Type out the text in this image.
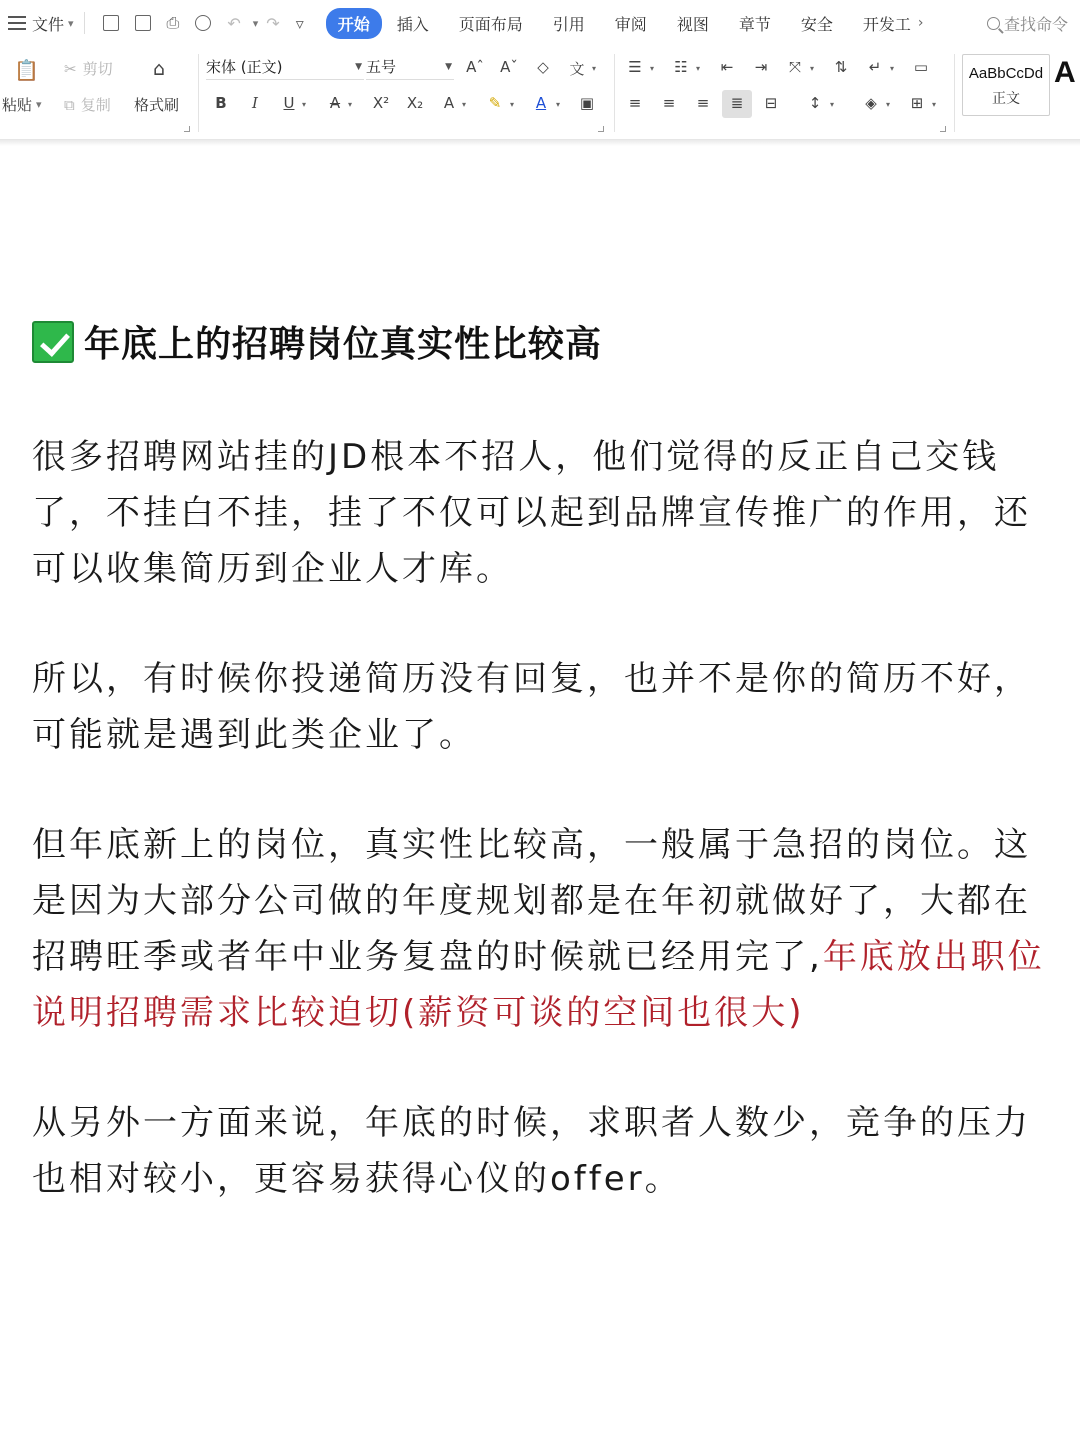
文件 ▾	⎙	↶ ▾ ↷ ▿	开始	插入	页面布局	引用	审阅	视图	章节	安全	开发工 ›	查找命令
📋
粘贴 ▾
✂ 剪切
⧉ 复制
⌂
格式刷
宋体 (正文)	▼ 五号	▼ Aˆ Aˇ	◇	文 ▾
B	I	U ▾	A ▾ X² X₂	A ▾	✎	▾	A	▾ ▣
☰	▾ ☷	▾	⇤	⇥	⤧	▾	⇅	↵	▾ ▭
≡	≡	≡	≣	⊟	↕	▾	◈	▾	⊞	▾
AaBbCcDd
正文
A
年底上的招聘岗位真实性比较高

很多招聘网站挂的JD根本不招人，他们觉得的反正自己交钱了，不挂白不挂，挂了不仅可以起到品牌宣传推广的作用，还可以收集简历到企业人才库。

所以，有时候你投递简历没有回复，也并不是你的简历不好，可能就是遇到此类企业了。

但年底新上的岗位，真实性比较高，一般属于急招的岗位。这是因为大部分公司做的年度规划都是在年初就做好了，大都在招聘旺季或者年中业务复盘的时候就已经用完了,年底放出职位说明招聘需求比较迫切(薪资可谈的空间也很大)

从另外一方面来说，年底的时候，求职者人数少，竞争的压力也相对较小，更容易获得心仪的offer。
